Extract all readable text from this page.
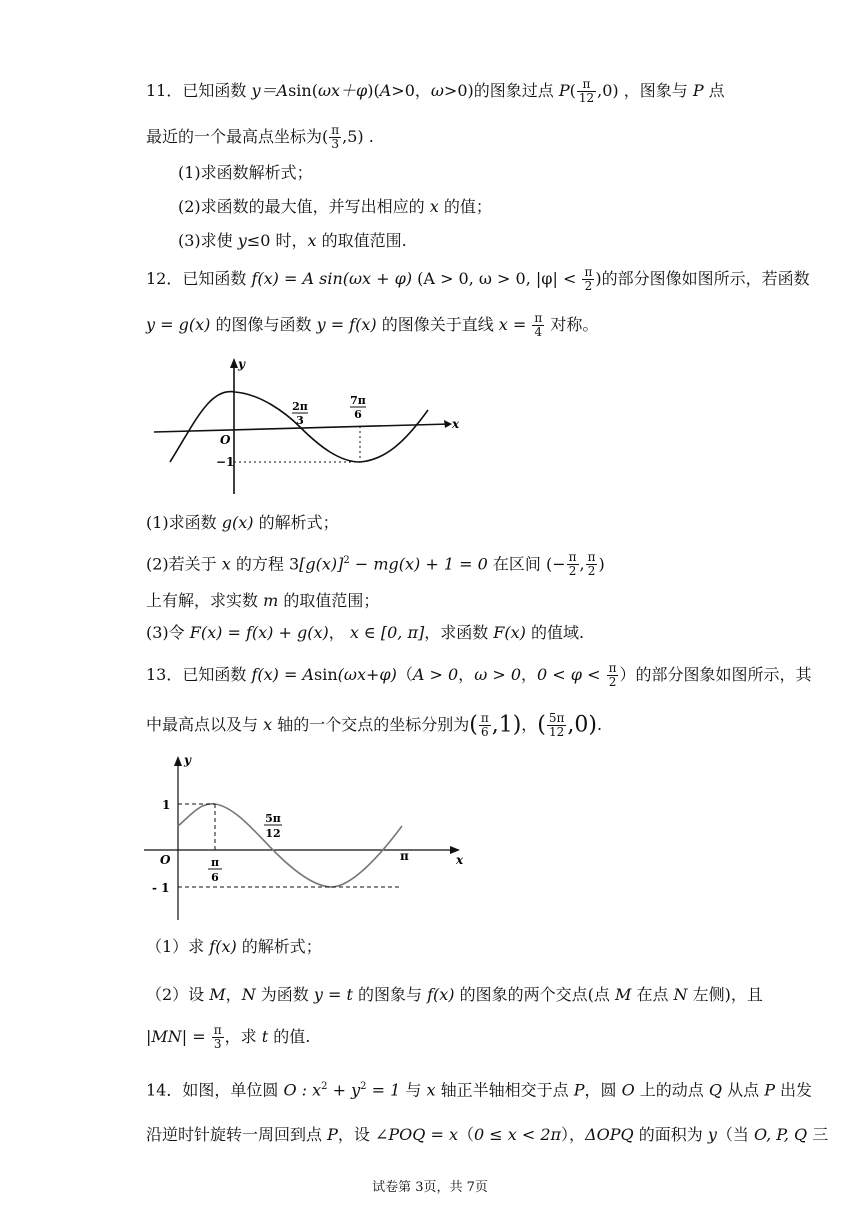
11．已知函数 y＝Asin(ωx＋φ)(A>0，ω>0)的图象过点 $P( \frac{\pi}{12} ,0)$ ，图象与 P 点
最近的一个最高点坐标为( $\frac{\pi}{3} ,5$) .
(1)求函数解析式；
(2)求函数的最大值，并写出相应的 x 的值；
(3)求使 y≤0 时，x 的取值范围.
12．已知函数 f(x) = A sin(ωx + φ) (A > 0, ω > 0, $|\varphi| < \frac{\pi}{2}$ )的部分图像如图所示，若函数
y = g(x) 的图像与函数 y = f(x) 的图像关于直线 $x = \frac{\pi}{4}$ 对称。
y
x
O
2π
3
7π
6
−1
(1)求函数 g(x) 的解析式；
(2)若关于 x 的方程 $3[g(x)]^2 - mg(x) + 1 = 0$ 在区间 (− $\frac{\pi}{2}$ , $\frac{\pi}{2}$ )
上有解，求实数 m 的取值范围；
(3)令 F(x) = f(x) + g(x)， x ∈ [0, π]，求函数 F(x) 的值域.
13．已知函数 f(x) = Asin(ωx+φ)（A > 0，ω > 0，$0 < \varphi < \frac{\pi}{2}$ ）的部分图象如图所示，其
中最高点以及与 x 轴的一个交点的坐标分别为( $\frac{\pi}{6} ,1$)，( $\frac{5\pi}{12} ,0$).
y
x
O
1
- 1
π
π
6
5π
12
（1）求 f(x) 的解析式；
（2）设 M，N 为函数 y = t 的图象与 f(x) 的图象的两个交点(点 M 在点 N 左侧)，且
$|MN| = \frac{\pi}{3}$ ，求 t 的值.
14．如图，单位圆 O : $x^2 + y^2 = 1$ 与 x 轴正半轴相交于点 P，圆 O 上的动点 Q 从点 P 出发
沿逆时针旋转一周回到点 P，设 ∠POQ = x（0 ≤ x < 2π），ΔOPQ 的面积为 y（当 O, P, Q 三
试卷第 3页，共 7页
